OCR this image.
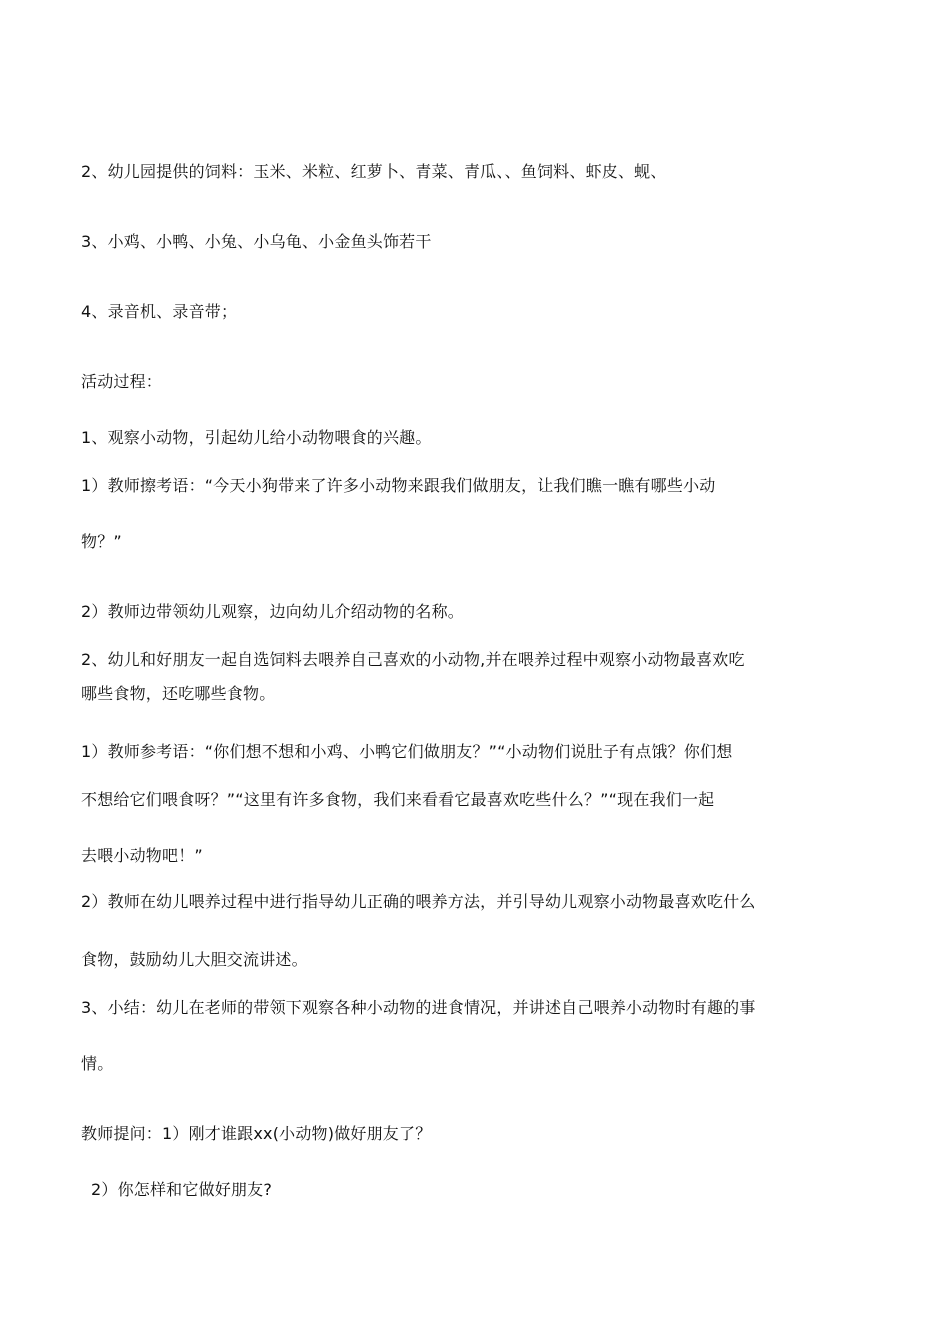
2、幼儿园提供的饲料：玉米、米粒、红萝卜、青菜、青瓜、、鱼饲料、虾皮、蚬、
3、小鸡、小鸭、小兔、小乌龟、小金鱼头饰若干
4、录音机、录音带；
活动过程：
1、观察小动物，引起幼儿给小动物喂食的兴趣。
1）教师擦考语：“今天小狗带来了许多小动物来跟我们做朋友，让我们瞧一瞧有哪些小动
物？”
2）教师边带领幼儿观察，边向幼儿介绍动物的名称。
2、幼儿和好朋友一起自选饲料去喂养自己喜欢的小动物,并在喂养过程中观察小动物最喜欢吃
哪些食物，还吃哪些食物。
1）教师参考语：“你们想不想和小鸡、小鸭它们做朋友？”“小动物们说肚子有点饿？你们想
不想给它们喂食呀？”“这里有许多食物，我们来看看它最喜欢吃些什么？”“现在我们一起
去喂小动物吧！”
2）教师在幼儿喂养过程中进行指导幼儿正确的喂养方法，并引导幼儿观察小动物最喜欢吃什么
食物，鼓励幼儿大胆交流讲述。
3、小结：幼儿在老师的带领下观察各种小动物的进食情况，并讲述自己喂养小动物时有趣的事
情。
教师提问：1）刚才谁跟xx(小动物)做好朋友了？
2）你怎样和它做好朋友?
